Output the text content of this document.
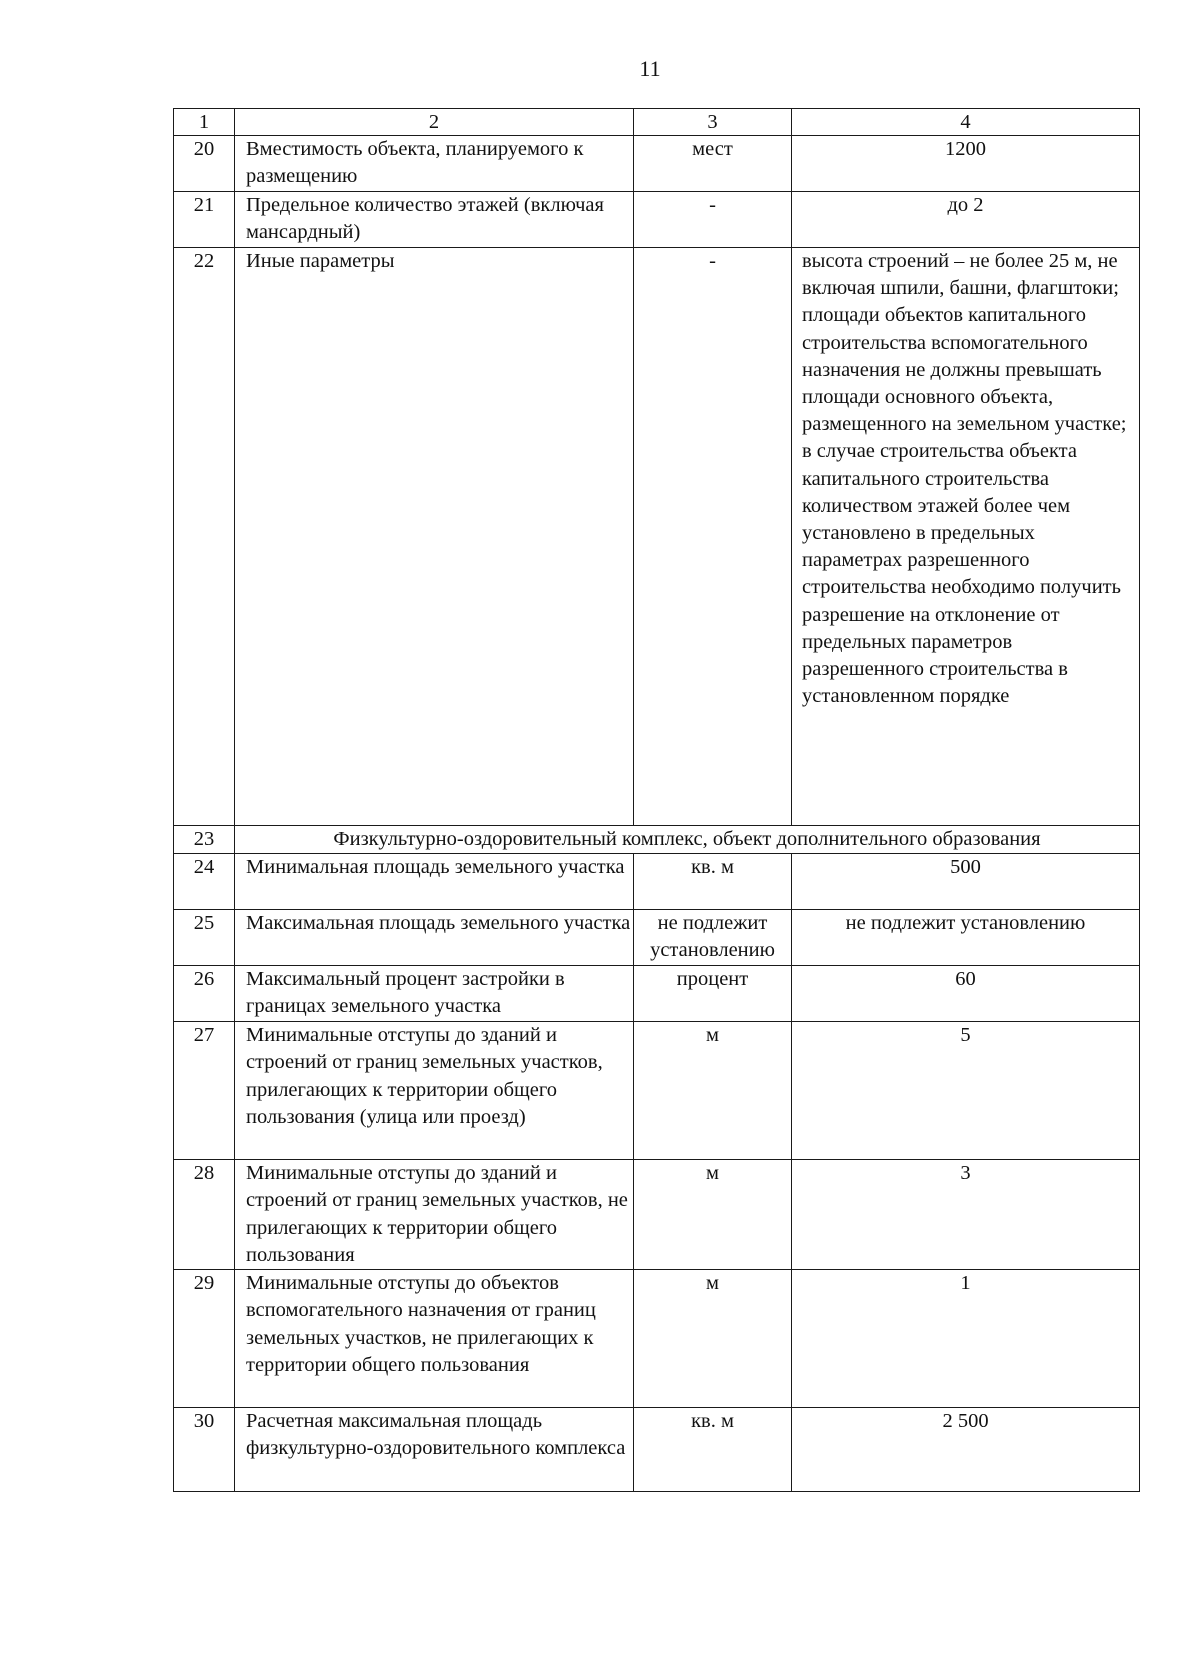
11
1	2	3	4
20	Вместимость объекта, планируемого к размещению	мест	1200
21	Предельное количество этажей (включая мансардный)	-	до 2
22	Иные параметры	-	высота строений – не более 25 м, не включая шпили, башни, флагштоки; площади объектов капитального строительства вспомогательного назначения не должны превышать площади основного объекта, размещенного на земельном участке; в случае строительства объекта капитального строительства количеством этажей более чем установлено в предельных параметрах разрешенного строительства необходимо получить разрешение на отклонение от предельных параметров разрешенного строительства в установленном порядке
23	Физкультурно-оздоровительный комплекс, объект дополнительного образования		
24	Минимальная площадь земельного участка	кв. м	500
25	Максимальная площадь земельного участка	не подлежит установлению	не подлежит установлению
26	Максимальный процент застройки в границах земельного участка	процент	60
27	Минимальные отступы до зданий и строений от границ земельных участков, прилегающих к территории общего пользования (улица или проезд)	м	5
28	Минимальные отступы до зданий и строений от границ земельных участков, не прилегающих к территории общего пользования	м	3
29	Минимальные отступы до объектов вспомогательного назначения от границ земельных участков, не прилегающих к территории общего пользования	м	1
30	Расчетная максимальная площадь физкультурно-оздоровительного комплекса	кв. м	2 500
